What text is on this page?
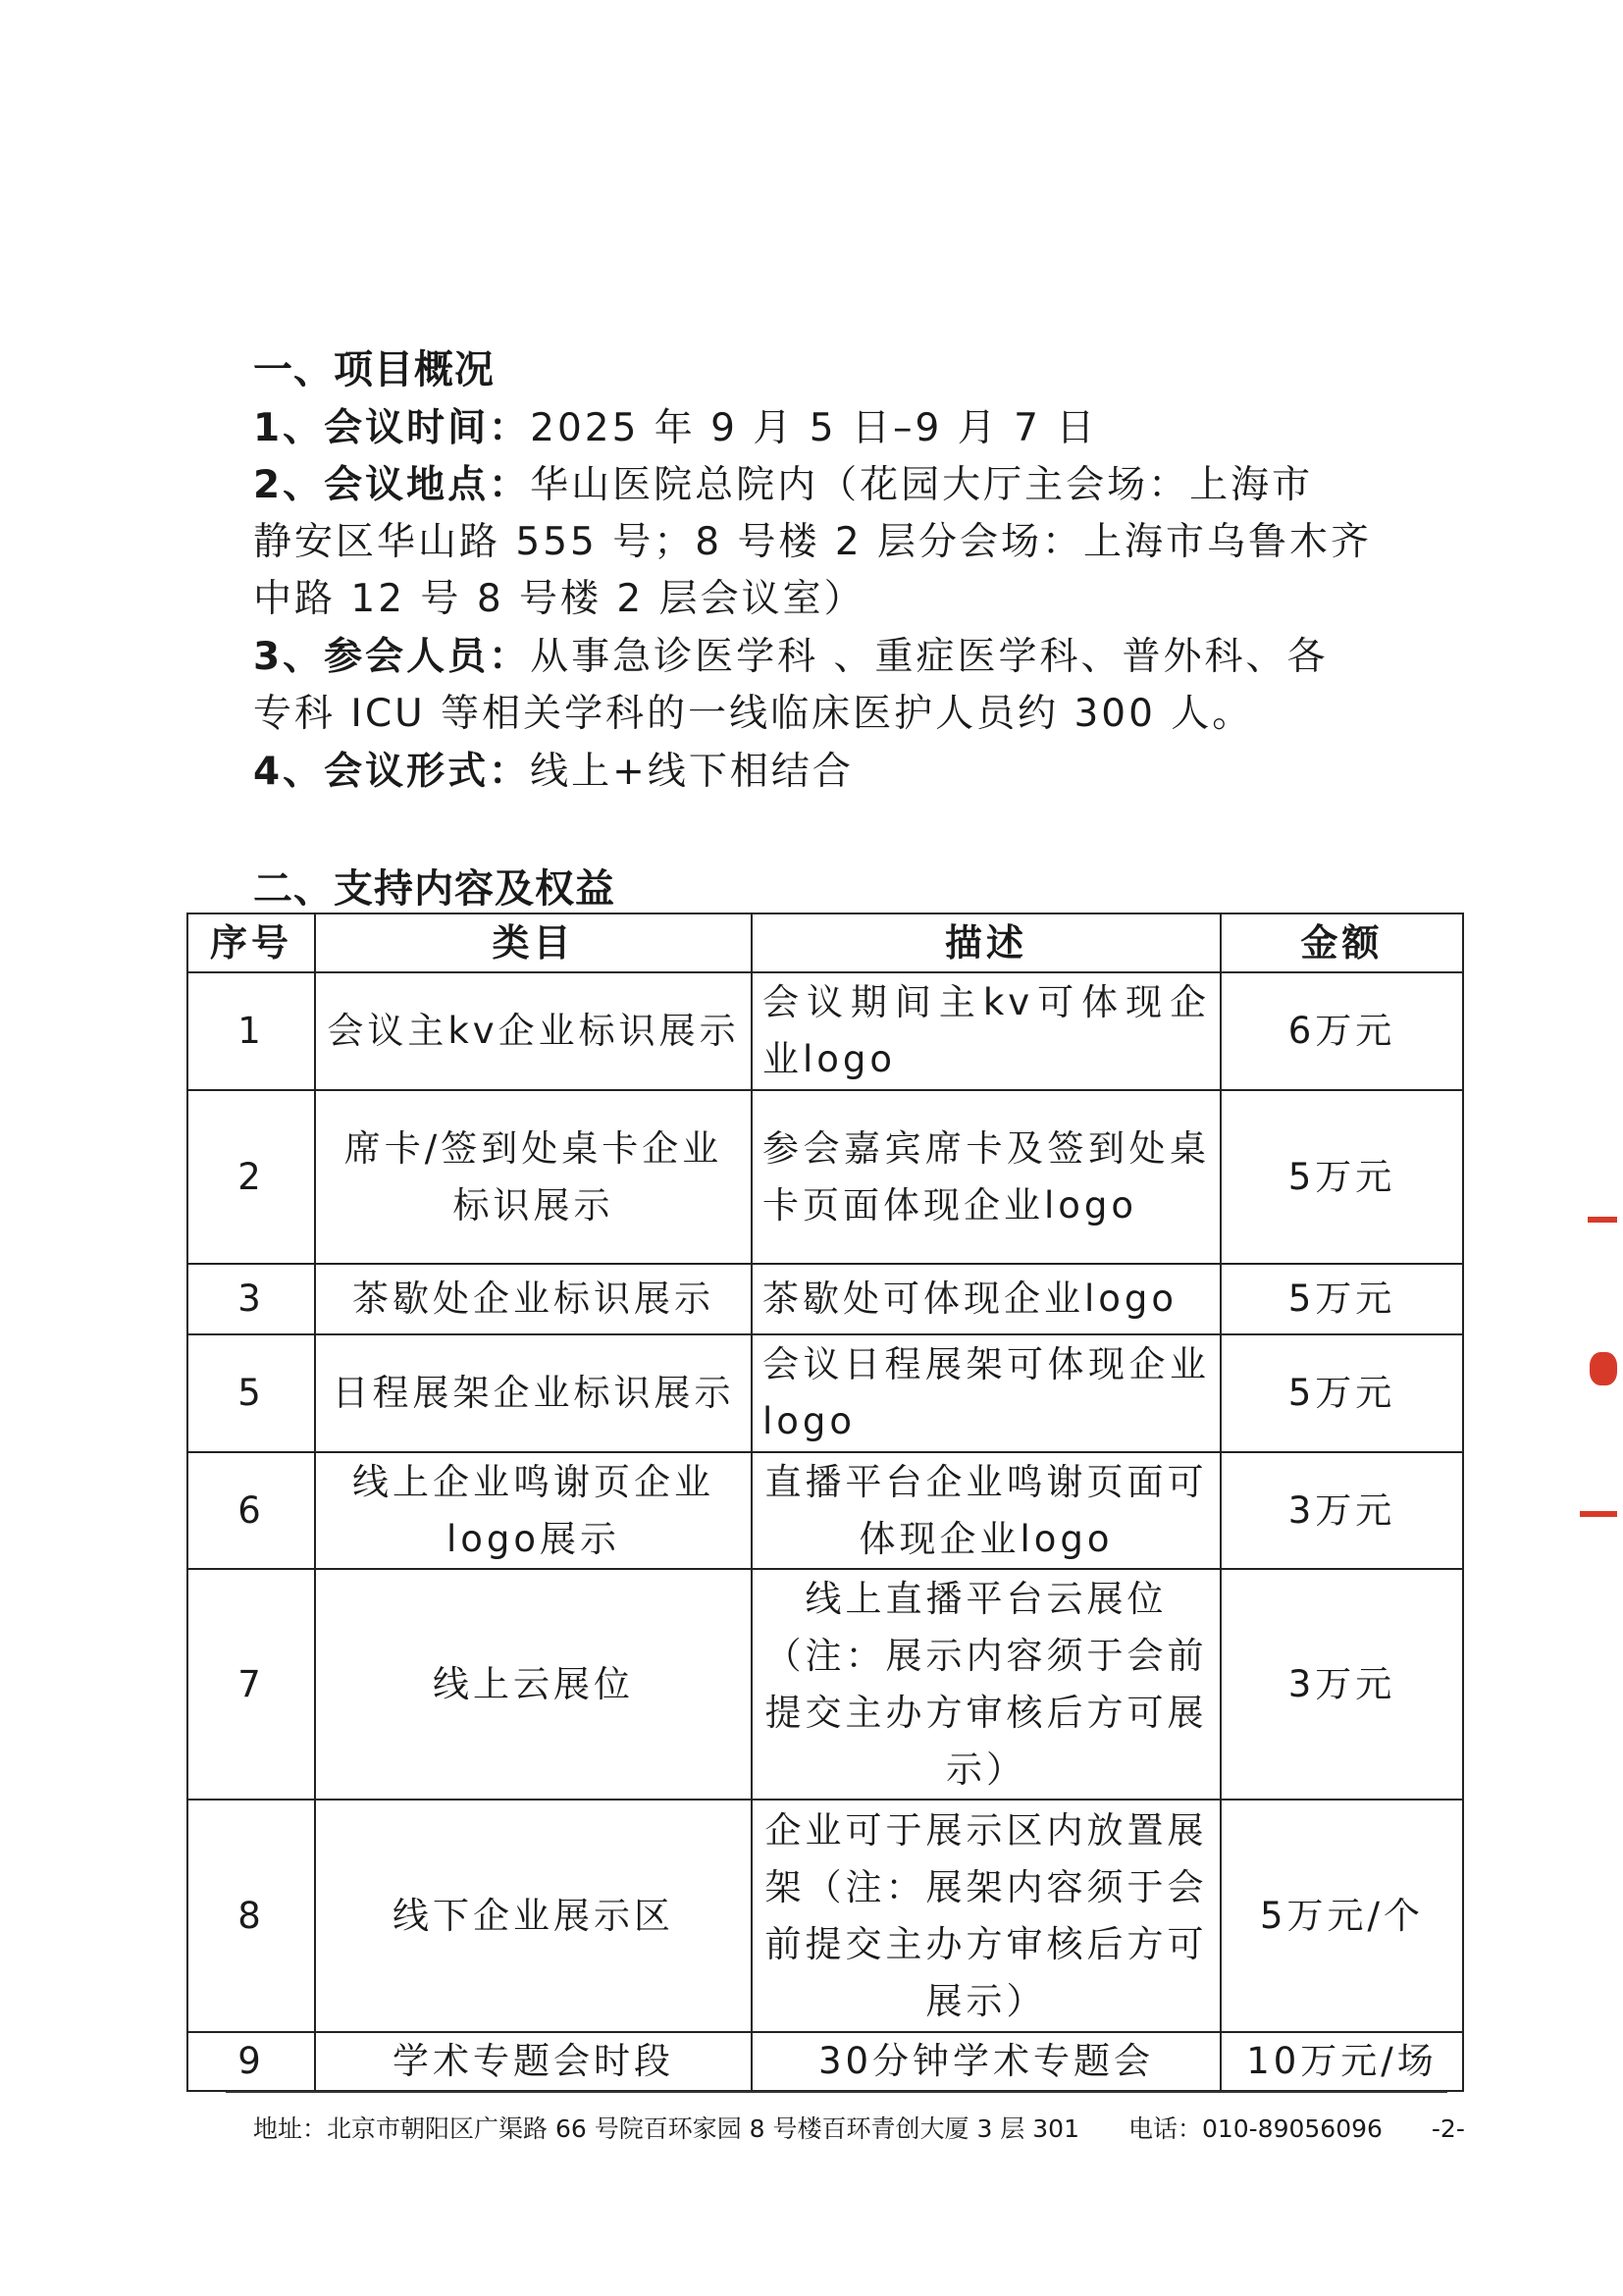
一、项目概况
1、会议时间：2025 年 9 月 5 日–9 月 7 日
2、会议地点：华山医院总院内（花园大厅主会场：上海市
静安区华山路 555 号；8 号楼 2 层分会场：上海市乌鲁木齐
中路 12 号 8 号楼 2 层会议室）
3、参会人员：从事急诊医学科 、重症医学科、普外科、各
专科 ICU 等相关学科的一线临床医护人员约 300 人。
4、会议形式：线上+线下相结合
二、支持内容及权益
序号	类目	描述	金额
1	会议主kv企业标识展示	会议期间主kv可体现企业logo	6万元
2	席卡/签到处桌卡企业标识展示	参会嘉宾席卡及签到处桌卡页面体现企业logo	5万元
3	茶歇处企业标识展示	茶歇处可体现企业logo	5万元
5	日程展架企业标识展示	会议日程展架可体现企业logo	5万元
6	线上企业鸣谢页企业logo展示	直播平台企业鸣谢页面可体现企业logo	3万元
7	线上云展位	线上直播平台云展位（注：展示内容须于会前提交主办方审核后方可展示）	3万元
8	线下企业展示区	企业可于展示区内放置展架（注：展架内容须于会前提交主办方审核后方可展示）	5万元/个
9	学术专题会时段	30分钟学术专题会	10万元/场
地址：北京市朝阳区广渠路 66 号院百环家园 8 号楼百环青创大厦 3 层 301 电话：010-89056096 -2-
